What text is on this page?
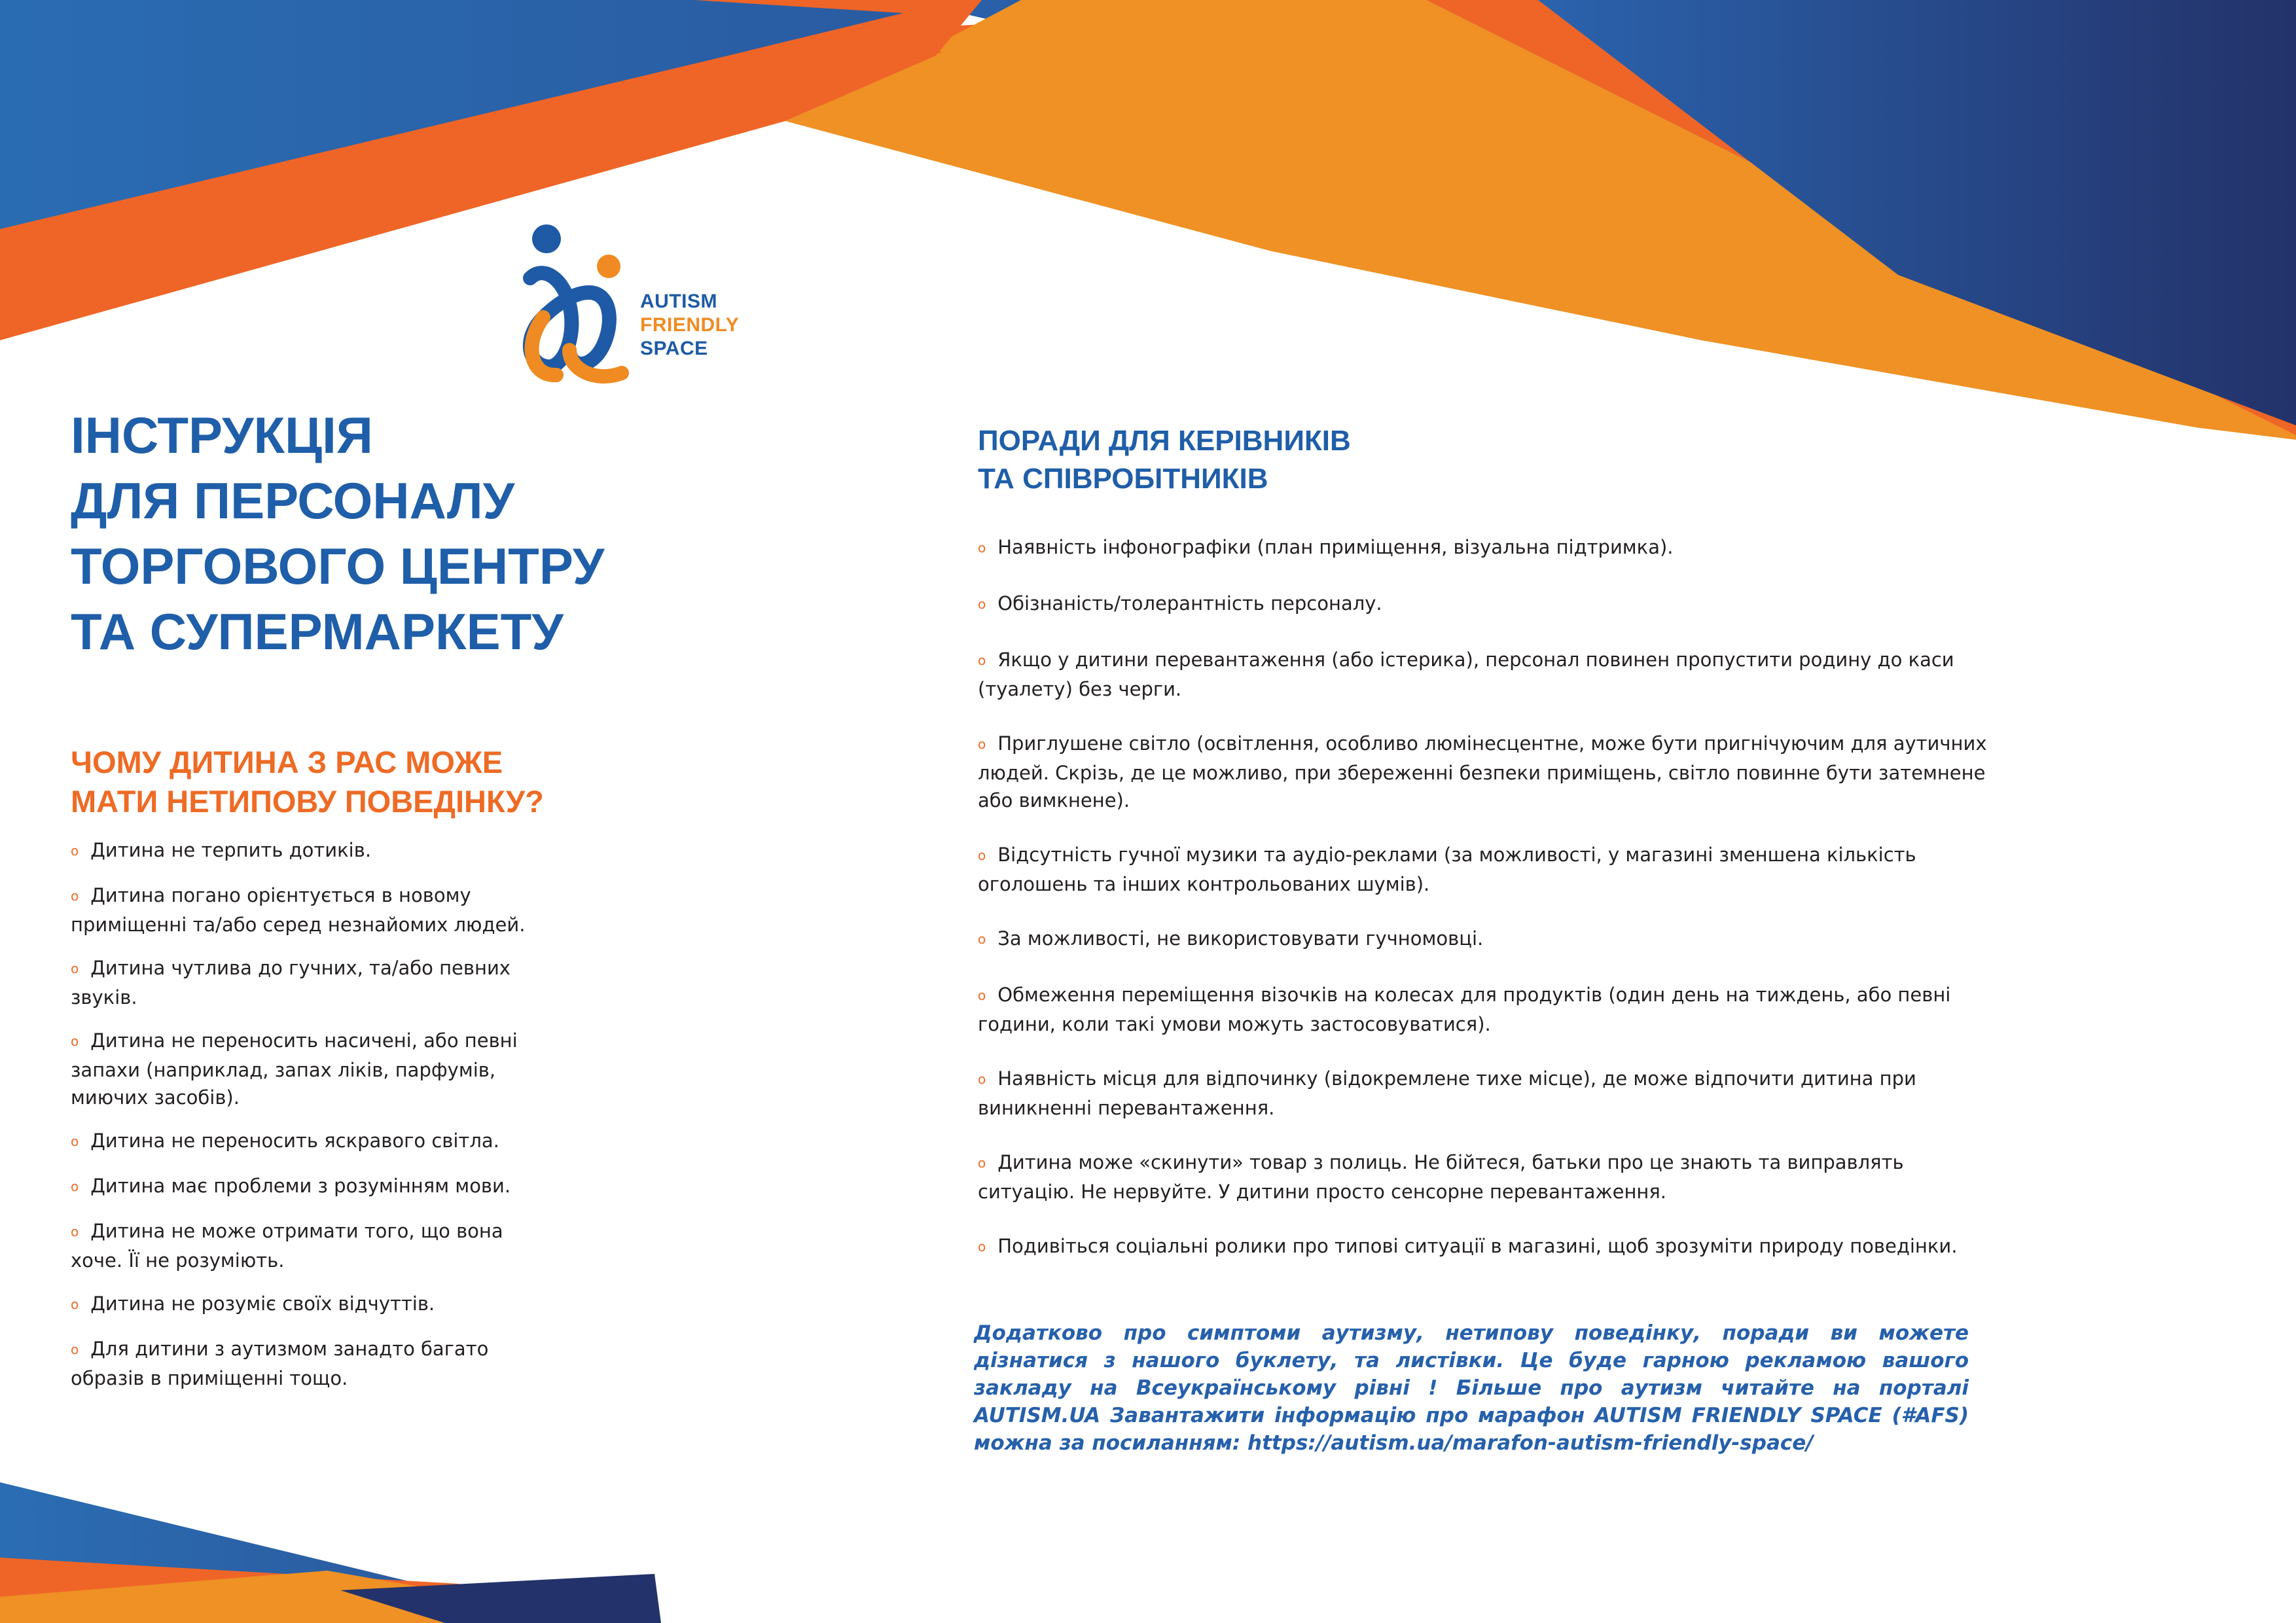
AUTISM
FRIENDLY
SPACE
ІНСТРУКЦІЯ
ДЛЯ ПЕРСОНАЛУ
ТОРГОВОГО ЦЕНТРУ
ТА СУПЕРМАРКЕТУ
ЧОМУ ДИТИНА З РАС МОЖЕ
МАТИ НЕТИПОВУ ПОВЕДІНКУ?
o Дитина не терпить дотиків.
o Дитина погано орієнтується в новому приміщенні та/або серед незнайомих людей.
o Дитина чутлива до гучних, та/або певних звуків.
o Дитина не переносить насичені, або певні запахи (наприклад, запах ліків, парфумів, миючих засобів).
o Дитина не переносить яскравого світла.
o Дитина має проблеми з розумінням мови.
o Дитина не може отримати того, що вона хоче. Її не розуміють.
o Дитина не розуміє своїх відчуттів.
o Для дитини з аутизмом занадто багато образів в приміщенні тощо.
ПОРАДИ ДЛЯ КЕРІВНИКІВ
ТА СПІВРОБІТНИКІВ
o Наявність інфонографіки (план приміщення, візуальна підтримка).
o Обізнаність/толерантність персоналу.
o Якщо у дитини перевантаження (або істерика), персонал повинен пропустити родину до каси (туалету) без черги.
o Приглушене світло (освітлення, особливо люмінесцентне, може бути пригнічуючим для аутичних людей. Скрізь, де це можливо, при збереженні безпеки приміщень, світло повинне бути затемнене або вимкнене).
o Відсутність гучної музики та аудіо-реклами (за можливості, у магазині зменшена кількість оголошень та інших контрольованих шумів).
o За можливості, не використовувати гучномовці.
o Обмеження переміщення візочків на колесах для продуктів (один день на тиждень, або певні години, коли такі умови можуть застосовуватися).
o Наявність місця для відпочинку (відокремлене тихе місце), де може відпочити дитина при виникненні перевантаження.
o Дитина може «скинути» товар з полиць. Не бійтеся, батьки про це знають та виправлять ситуацію. Не нервуйте. У дитини просто сенсорне перевантаження.
o Подивіться соціальні ролики про типові ситуації в магазині, щоб зрозуміти природу поведінки.

Додатково про симптоми аутизму, нетипову поведінку, поради ви можете дізнатися з нашого буклету, та листівки. Це буде гарною рекламою вашого закладу на Всеукраїнському рівні ! Більше про аутизм читайте на порталі AUTISM.UA Завантажити інформацію про марафон AUTISM FRIENDLY SPACE (#AFS) можна за посиланням: https://autism.ua/marafon-autism-friendly-space/
